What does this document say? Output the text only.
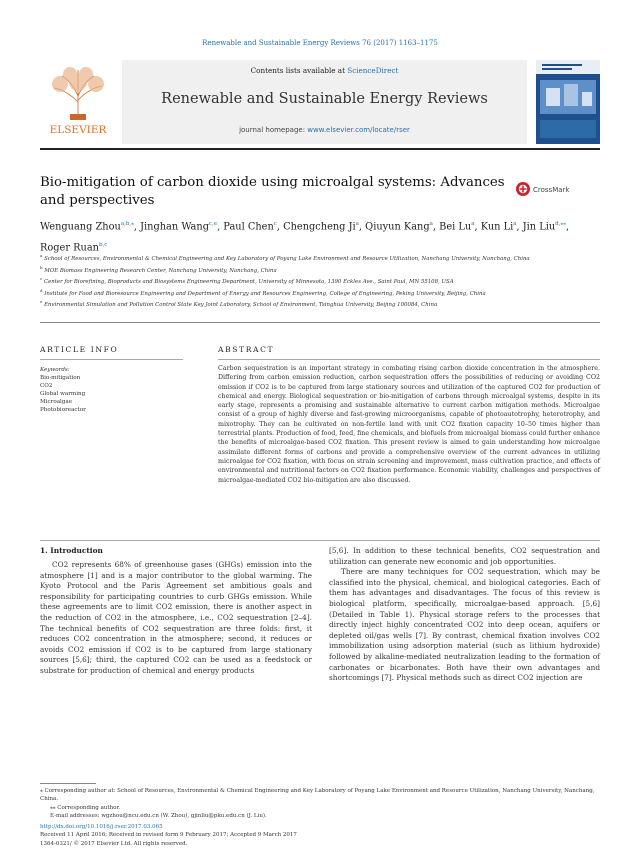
Renewable and Sustainable Energy Reviews 76 (2017) 1163–1175
ELSEVIER
Contents lists available at ScienceDirect
Renewable and Sustainable Energy Reviews
journal homepage: www.elsevier.com/locate/rser
Bio-mitigation of carbon dioxide using microalgal systems: Advances and perspectives
CrossMark
Wenguang Zhou$^{a,b,⁎}$, Jinghan Wang$^{c,e}$, Paul Chen$^c$, Chengcheng Ji$^a$, Qiuyun Kang$^a$, Bei Lu$^a$, Kun Li$^a$, Jin Liu$^{d,⁎⁎}$, Roger Ruan$^{b,c}$

$^a$ School of Resources, Environmental & Chemical Engineering and Key Laboratory of Poyang Lake Environment and Resource Utilization, Nanchang University, Nanchang, China

$^b$ MOE Biomass Engineering Research Center, Nanchang University, Nanchang, China

$^c$ Center for Biorefining, Bioproducts and Biosystems Engineering Department, University of Minnesota, 1390 Eckles Ave., Saint Paul, MN 55108, USA

$^d$ Institute for Food and Bioresource Engineering and Department of Energy and Resources Engineering, College of Engineering, Peking University, Beijing, China

$^e$ Environmental Simulation and Pollution Control State Key Joint Laboratory, School of Environment, Tsinghua University, Beijing 100084, China

ARTICLE INFO
Keywords:
Bio-mitigation
CO2
Global warming
Microalgae
Photobioreactor
ABSTRACT
Carbon sequestration is an important strategy in combating rising carbon dioxide concentration in the atmosphere. Differing from carbon emission reduction, carbon sequestration offers the possibilities of reducing or avoiding CO2 emission if CO2 is to be captured from large stationary sources and utilization of the captured CO2 for production of chemical and energy. Biological sequestration or bio-mitigation of carbons through microalgal systems, despite in its early stage, represents a promising and sustainable alternative to current carbon mitigation methods. Microalgae consist of a group of highly diverse and fast-growing microorganisms, capable of photoautotrophy, heterotrophy, and mixotrophy. They can be cultivated on non-fertile land with unit CO2 fixation capacity 10–50 times higher than terrestrial plants. Production of food, feed, fine chemicals, and biofuels from microalgal biomass could further enhance the benefits of microalgae-based CO2 fixation. This present review is aimed to gain understanding how microalgae assimilate different forms of carbons and provide a comprehensive overview of the current advances in utilizing microalgae for CO2 fixation, with focus on strain screening and improvement, mass cultivation practice, and effects of environmental and nutritional factors on CO2 fixation performance. Economic viability, challenges and perspectives of microalgae-mediated CO2 bio-mitigation are also discussed.
1. Introduction

CO2 represents 68% of greenhouse gases (GHGs) emission into the atmosphere [1] and is a major contributor to the global warming. The Kyoto Protocol and the Paris Agreement set ambitious goals and responsibility for participating countries to curb GHGs emission. While these agreements are to limit CO2 emission, there is another aspect in the reduction of CO2 in the atmosphere, i.e., CO2 sequestration [2–4]. The technical benefits of CO2 sequestration are three folds: first, it reduces CO2 concentration in the atmosphere; second, it reduces or avoids CO2 emission if CO2 is to be captured from large stationary sources [5,6]; third, the captured CO2 can be used as a feedstock or substrate for production of chemical and energy products

[5,6]. In addition to these technical benefits, CO2 sequestration and utilization can generate new economic and job opportunities.

There are many techniques for CO2 sequestration, which may be classified into the physical, chemical, and biological categories. Each of them has advantages and disadvantages. The focus of this review is biological platform, specifically, microalgae-based approach. [5,6] (Detailed in Table 1). Physical storage refers to the processes that directly inject highly concentrated CO2 into deep ocean, aquifers or depleted oil/gas wells [7]. By contrast, chemical fixation involves CO2 immobilization using adsorption material (such as lithium hydroxide) followed by alkaline-mediated neutralization leading to the formation of carbonates or bicarbonates. Both have their own advantages and shortcomings [7]. Physical methods such as direct CO2 injection are

⁎ Corresponding author at: School of Resources, Environmental & Chemical Engineering and Key Laboratory of Poyang Lake Environment and Resource Utilization, Nanchang University, Nanchang, China.

⁎⁎ Corresponding author.

E-mail addresses: wgzhou@ncu.edu.cn (W. Zhou), gjinliu@pku.edu.cn (J. Liu).

http://dx.doi.org/10.1016/j.rser.2017.03.065

Received 11 April 2016; Received in revised form 9 February 2017; Accepted 9 March 2017

1364-0321/ © 2017 Elsevier Ltd. All rights reserved.
